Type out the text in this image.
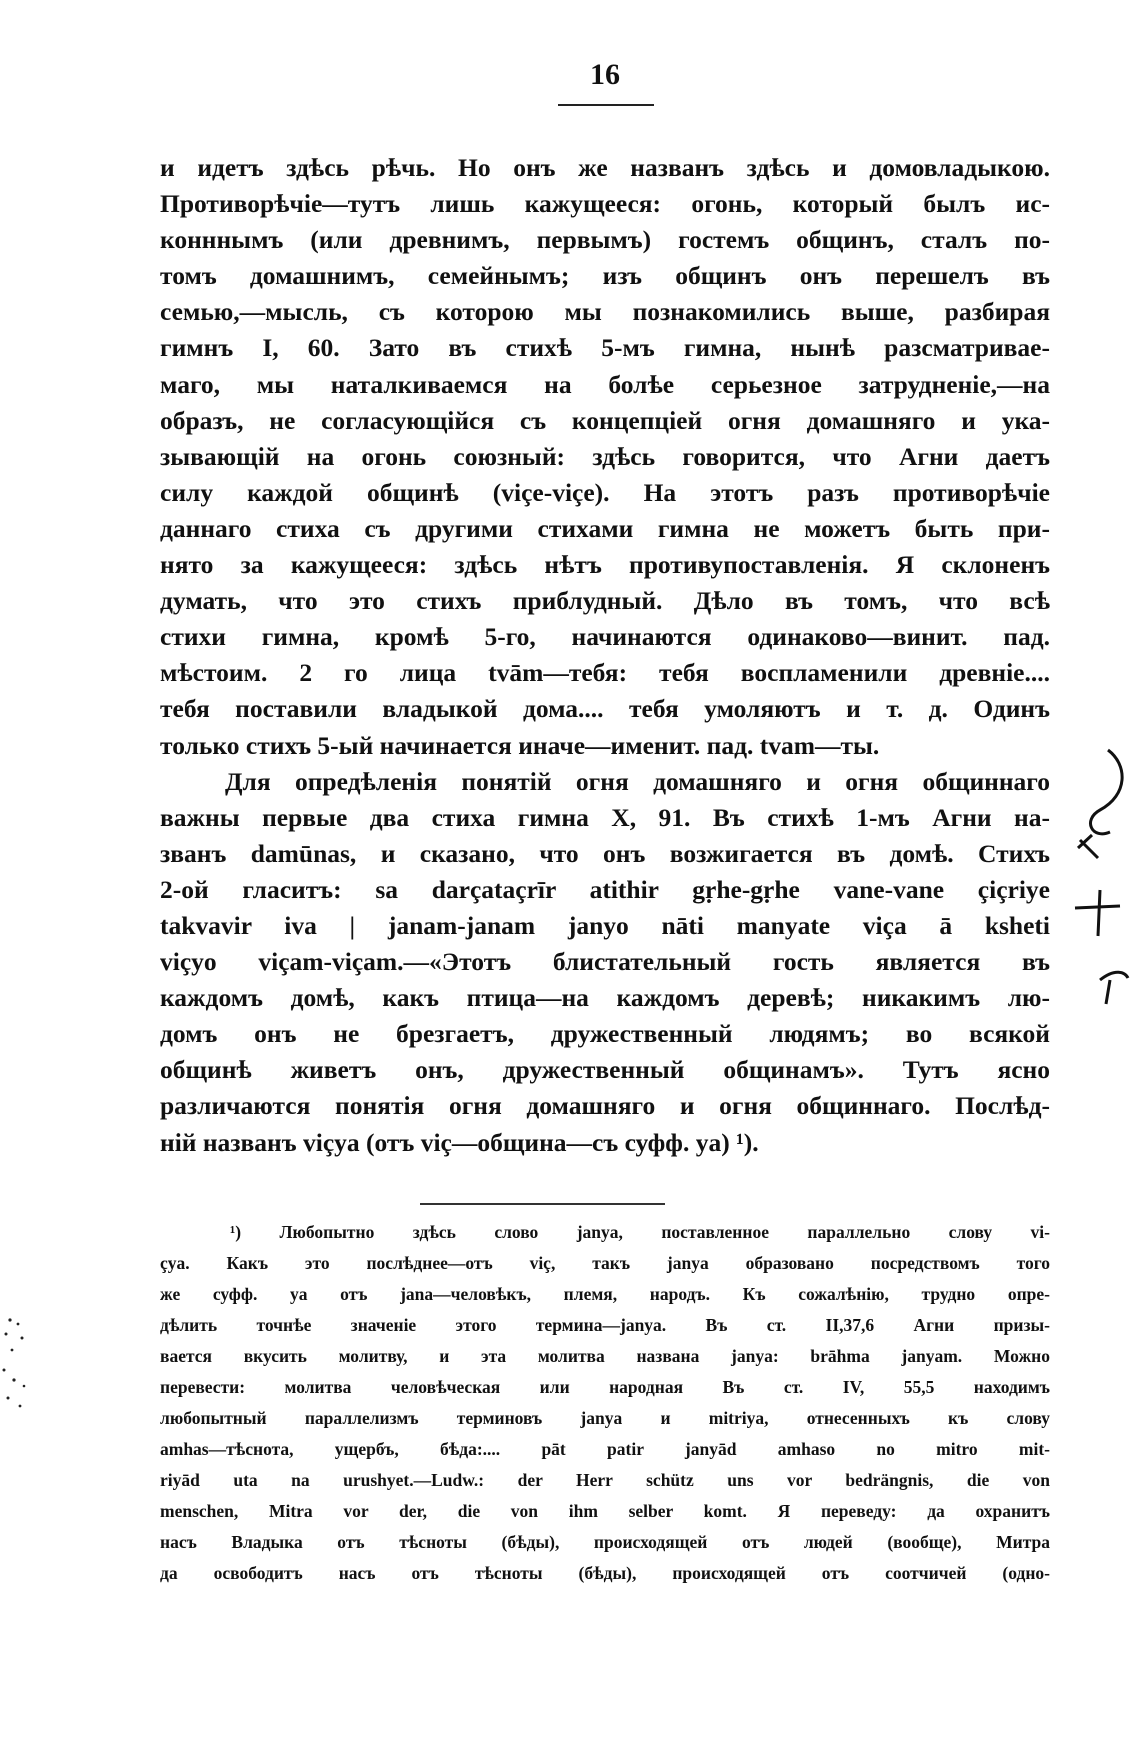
16
и идетъ здѣсь рѣчь. Но онъ же названъ здѣсь и домовладыкою.
Противорѣчіе—тутъ лишь кажущееся: огонь, который былъ ис-
конннымъ (или древнимъ, первымъ) гостемъ общинъ, сталъ по-
томъ домашнимъ, семейнымъ; изъ общинъ онъ перешелъ въ
семью,—мысль, съ которою мы познакомились выше, разбирая
гимнъ I, 60. Зато въ стихѣ 5-мъ гимна, нынѣ разсматривае-
маго, мы наталкиваемся на болѣе серьезное затрудненіе,—на
образъ, не согласующійся съ концепціей огня домашняго и ука-
зывающій на огонь союзный: здѣсь говорится, что Агни даетъ
силу каждой общинѣ (viçe-viçe). На этотъ разъ противорѣчіе
даннаго стиха съ другими стихами гимна не можетъ быть при-
нято за кажущееся: здѣсь нѣтъ противупоставленія. Я склоненъ
думать, что это стихъ приблудный. Дѣло въ томъ, что всѣ
стихи гимна, кромѣ 5-го, начинаются одинаково—винит. пад.
мѣстоим. 2 го лица tvām—тебя: тебя воспламенили древніе....
тебя поставили владыкой дома.... тебя умоляютъ и т. д. Одинъ
только стихъ 5-ый начинается иначе—именит. пад. tvam—ты.
Для опредѣленія понятій огня домашняго и огня общиннаго
важны первые два стиха гимна X, 91. Въ стихѣ 1-мъ Агни на-
званъ damūnas, и сказано, что онъ возжигается въ домѣ. Стихъ
2-ой гласитъ: sa darçataçrīr atithir gṛhe-gṛhe vane-vane çiçriye
takvavir iva | janam-janam janyo nāti manyate viça ā ksheti
viçyo viçam-viçam.—«Этотъ блистательный гость является въ
каждомъ домѣ, какъ птица—на каждомъ деревѣ; никакимъ лю-
домъ онъ не брезгаетъ, дружественный людямъ; во всякой
общинѣ живетъ онъ, дружественный общинамъ». Тутъ ясно
различаются понятія огня домашняго и огня общиннаго. Послѣд-
ній названъ viçya (отъ viç—община—съ суфф. ya) ¹).
¹) Любопытно здѣсь слово janya, поставленное параллельно слову vi-
çya. Какъ это послѣднее—отъ viç, такъ janya образовано посредствомъ того
же суфф. ya отъ jana—человѣкъ, племя, народъ. Къ сожалѣнію, трудно опре-
дѣлить точнѣе значеніе этого термина—janya. Въ ст. II,37,6 Агни призы-
вается вкусить молитву, и эта молитва названа janya: brāhma janyam. Можно
перевести: молитва человѣческая или народная Въ ст. IV, 55,5 находимъ
любопытный параллелизмъ терминовъ janya и mitriya, отнесенныхъ къ слову
amhas—тѣснота, ущербъ, бѣда:.... pāt patir janyād amhaso no mitro mit-
riyād uta na urushyet.—Ludw.: der Herr schütz uns vor bedrängnis, die von
menschen, Mitra vor der, die von ihm selber komt. Я переведу: да охранитъ
насъ Владыка отъ тѣсноты (бѣды), происходящей отъ людей (вообще), Митра
да освободитъ насъ отъ тѣсноты (бѣды), происходящей отъ соотчичей (одно-
